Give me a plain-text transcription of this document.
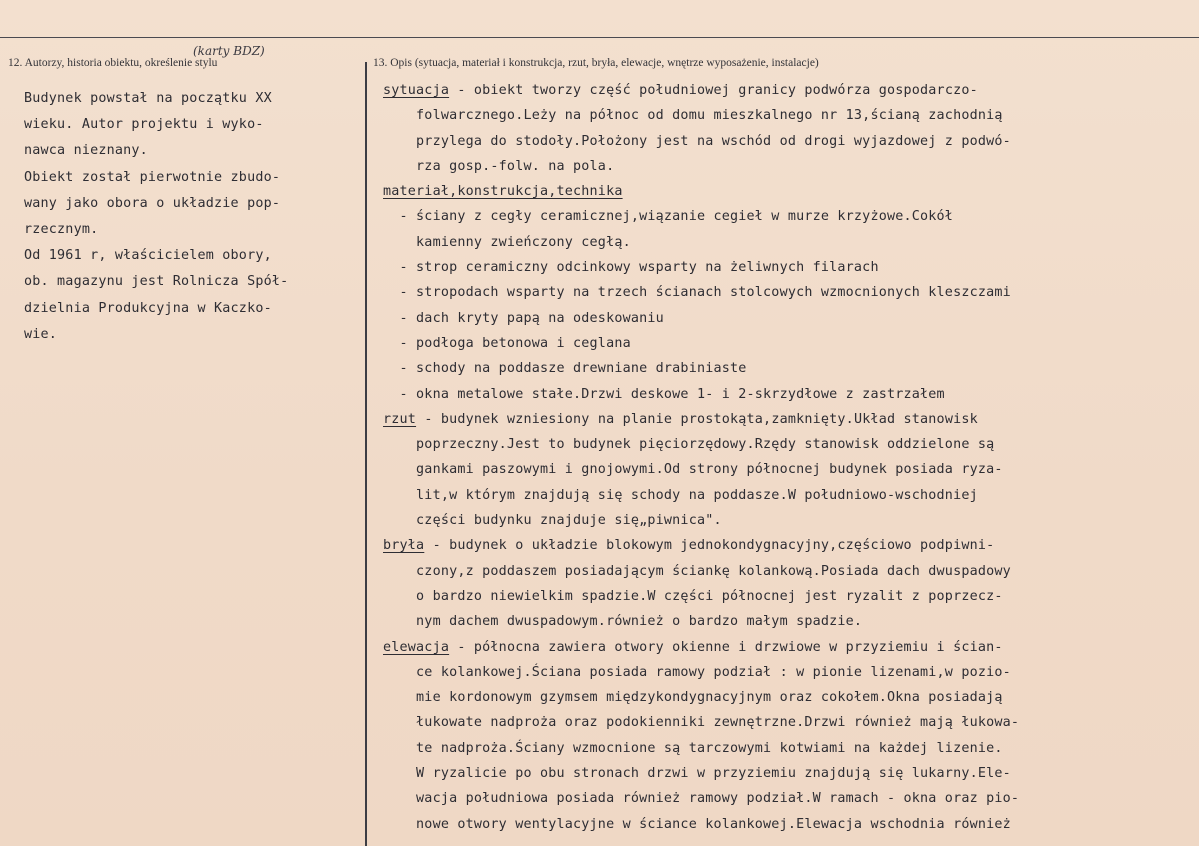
12. Autorzy, historia obiektu, określenie stylu	13. Opis (sytuacja, materiał i konstrukcja, rzut, bryła, elewacje, wnętrze wyposażenie, instalacje)
(karty BDZ)
Budynek powstał na początku XX
wieku. Autor projektu i wyko-
nawca nieznany.
Obiekt został pierwotnie zbudo-
wany jako obora o układzie pop-
rzecznym.
Od 1961 r, właścicielem obory,
ob. magazynu jest Rolnicza Spół-
dzielnia Produkcyjna w Kaczko-
wie.
sytuacja - obiekt tworzy część południowej granicy podwórza gospodarczo-
folwarcznego.Leży na północ od domu mieszkalnego nr 13,ścianą zachodnią
przylega do stodoły.Położony jest na wschód od drogi wyjazdowej z podwó-
rza gosp.-folw. na pola.
materiał,konstrukcja,technika
- ściany z cegły ceramicznej,wiązanie cegieł w murze krzyżowe.Cokół
kamienny zwieńczony cegłą.
- strop ceramiczny odcinkowy wsparty na żeliwnych filarach
- stropodach wsparty na trzech ścianach stolcowych wzmocnionych kleszczami
- dach kryty papą na odeskowaniu
- podłoga betonowa i ceglana
- schody na poddasze drewniane drabiniaste
- okna metalowe stałe.Drzwi deskowe 1- i 2-skrzydłowe z zastrzałem
rzut - budynek wzniesiony na planie prostokąta,zamknięty.Układ stanowisk
poprzeczny.Jest to budynek pięciorzędowy.Rzędy stanowisk oddzielone są
gankami paszowymi i gnojowymi.Od strony północnej budynek posiada ryza-
lit,w którym znajdują się schody na poddasze.W południowo-wschodniej
części budynku znajduje się„piwnica".
bryła - budynek o układzie blokowym jednokondygnacyjny,częściowo podpiwni-
czony,z poddaszem posiadającym ściankę kolankową.Posiada dach dwuspadowy
o bardzo niewielkim spadzie.W części północnej jest ryzalit z poprzecz-
nym dachem dwuspadowym.również o bardzo małym spadzie.
elewacja - północna zawiera otwory okienne i drzwiowe w przyziemiu i ścian-
ce kolankowej.Ściana posiada ramowy podział : w pionie lizenami,w pozio-
mie kordonowym gzymsem międzykondygnacyjnym oraz cokołem.Okna posiadają
łukowate nadproża oraz podokienniki zewnętrzne.Drzwi również mają łukowa-
te nadproża.Ściany wzmocnione są tarczowymi kotwiami na każdej lizenie.
W ryzalicie po obu stronach drzwi w przyziemiu znajdują się lukarny.Ele-
wacja południowa posiada również ramowy podział.W ramach - okna oraz pio-
nowe otwory wentylacyjne w ściance kolankowej.Elewacja wschodnia również
